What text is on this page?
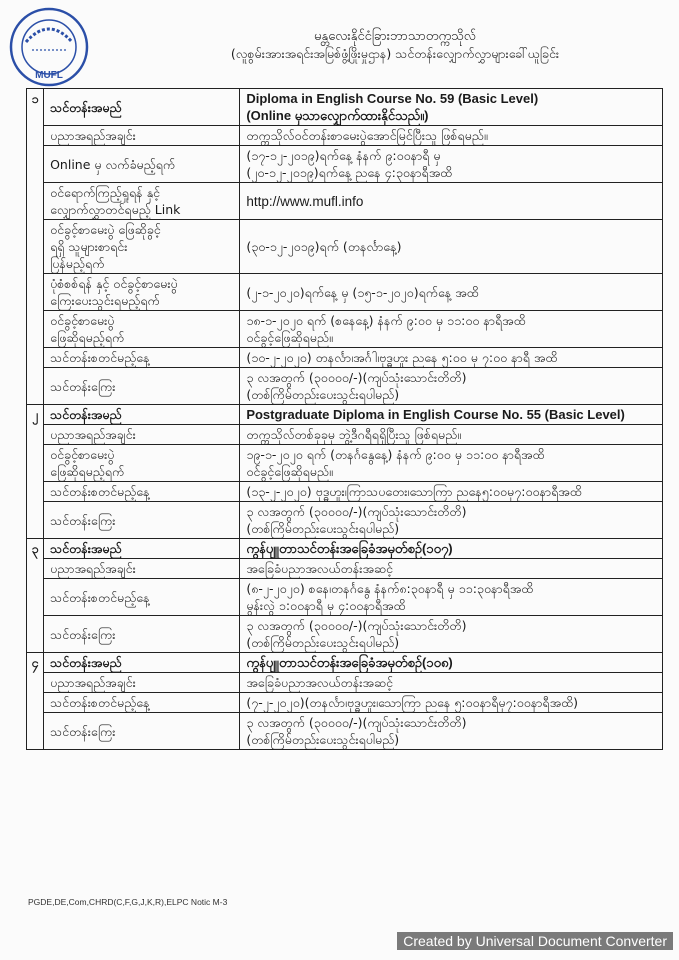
MUFL
မန္တလေးနိုင်ငံခြားဘာသာတက္ကသိုလ်
(လူစွမ်းအားအရင်းအမြစ်ဖွံ့ဖြိုးမှုဌာန) သင်တန်းလျှောက်လွှာများခေါ်ယူခြင်း
၁	သင်တန်းအမည်	Diploma in English Course No. 59 (Basic Level)
(Online မှသာလျှောက်ထားနိုင်သည်။)

	ပညာအရည်အချင်း	တက္ကသိုလ်ဝင်တန်းစာမေးပွဲအောင်မြင်ပြီးသူ ဖြစ်ရမည်။

	Online မှ လက်ခံမည့်ရက်	(၁၇-၁၂-၂၀၁၉)ရက်နေ့ နံနက် ၉:၀၀နာရီ မှ
(၂၀-၁၂-၂၀၁၉)ရက်နေ့ ညနေ ၄:၃၀နာရီအထိ

	ဝင်ရောက်ကြည့်ရှုရန် နှင့်
လျှောက်လွှာတင်ရမည့် Link	http://www.mufl.info

	ဝင်ခွင့်စာမေးပွဲ ဖြေဆိုခွင့်
ရရှိ သူများစာရင်း
ပြန်မည့်ရက်	(၃၀-၁၂-၂၀၁၉)ရက် (တနင်္လာနေ့)

	ပုံစံစစ်ရန် နှင့် ဝင်ခွင့်စာမေးပွဲ
ကြေးပေးသွင်းရမည့်ရက်	(၂-၁-၂၀၂၀)ရက်နေ့ မှ (၁၅-၁-၂၀၂၀)ရက်နေ့ အထိ

	ဝင်ခွင့်စာမေးပွဲ
ဖြေဆိုရမည့်ရက်	၁၈-၁-၂၀၂၀ ရက် (စနေနေ့) နံနက် ၉:၀၀ မှ ၁၁:၀၀ နာရီအထိ
ဝင်ခွင့်ဖြေဆိုရမည်။

	သင်တန်းစတင်မည့်နေ့	(၁၀-၂-၂၀၂၀) တနင်္လာ၊အင်္ဂါ၊ဗုဒ္ဓဟူး ညနေ ၅:၀၀ မှ ၇:၀၀ နာရီ အထိ

	သင်တန်းကြေး	၃ လအတွက် (၃၀၀၀၀/-)(ကျပ်သုံးသောင်းတိတိ)
(တစ်ကြိမ်တည်းပေးသွင်းရပါမည်)

၂	သင်တန်းအမည်	Postgraduate Diploma in English Course No. 55 (Basic Level)

	ပညာအရည်အချင်း	တက္ကသိုလ်တစ်ခုခုမှ ဘွဲ့ဒီဂရီရရှိပြီးသူ ဖြစ်ရမည်။

	ဝင်ခွင့်စာမေးပွဲ
ဖြေဆိုရမည့်ရက်	၁၉-၁-၂၀၂၀ ရက် (တနင်္ဂနွေနေ့) နံနက် ၉:၀၀ မှ ၁၁:၀၀ နာရီအထိ
ဝင်ခွင့်ဖြေဆိုရမည်။

	သင်တန်းစတင်မည့်နေ့	(၁၃-၂-၂၀၂၀) ဗုဒ္ဓဟူး၊ကြာသပတေး၊သောကြာ ညနေ၅:၀၀မှ၇:၀၀နာရီအထိ

	သင်တန်းကြေး	၃ လအတွက် (၃၀၀၀၀/-)(ကျပ်သုံးသောင်းတိတိ)
(တစ်ကြိမ်တည်းပေးသွင်းရပါမည်)

၃	သင်တန်းအမည်	ကွန်ပျူတာသင်တန်းအခြေခံအမှတ်စဉ်(၁၀၇)

	ပညာအရည်အချင်း	အခြေခံပညာအလယ်တန်းအဆင့်

	သင်တန်းစတင်မည့်နေ့	(၈-၂-၂၀၂၀) စနေ၊တနင်္ဂနွေ နံနက်၈:၃၀နာရီ မှ ၁၁:၃၀နာရီအထိ
မွန်းလွဲ ၁:၀၀နာရီ မှ ၄:၀၀နာရီအထိ

	သင်တန်းကြေး	၃ လအတွက် (၃၀၀၀၀/-)(ကျပ်သုံးသောင်းတိတိ)
(တစ်ကြိမ်တည်းပေးသွင်းရပါမည်)

၄	သင်တန်းအမည်	ကွန်ပျူတာသင်တန်းအခြေခံအမှတ်စဉ်(၁၀၈)

	ပညာအရည်အချင်း	အခြေခံပညာအလယ်တန်းအဆင့်

	သင်တန်းစတင်မည့်နေ့	(၇-၂-၂၀၂၀)(တနင်္လာ၊ဗုဒ္ဓဟူး၊သောကြာ ညနေ ၅:၀၀နာရီမှ၇:၀၀နာရီအထိ)

	သင်တန်းကြေး	၃ လအတွက် (၃၀၀၀၀/-)(ကျပ်သုံးသောင်းတိတိ)
(တစ်ကြိမ်တည်းပေးသွင်းရပါမည်)
PGDE,DE,Com,CHRD(C,F,G,J,K,R),ELPC Notic M-3
Created by Universal Document Converter
